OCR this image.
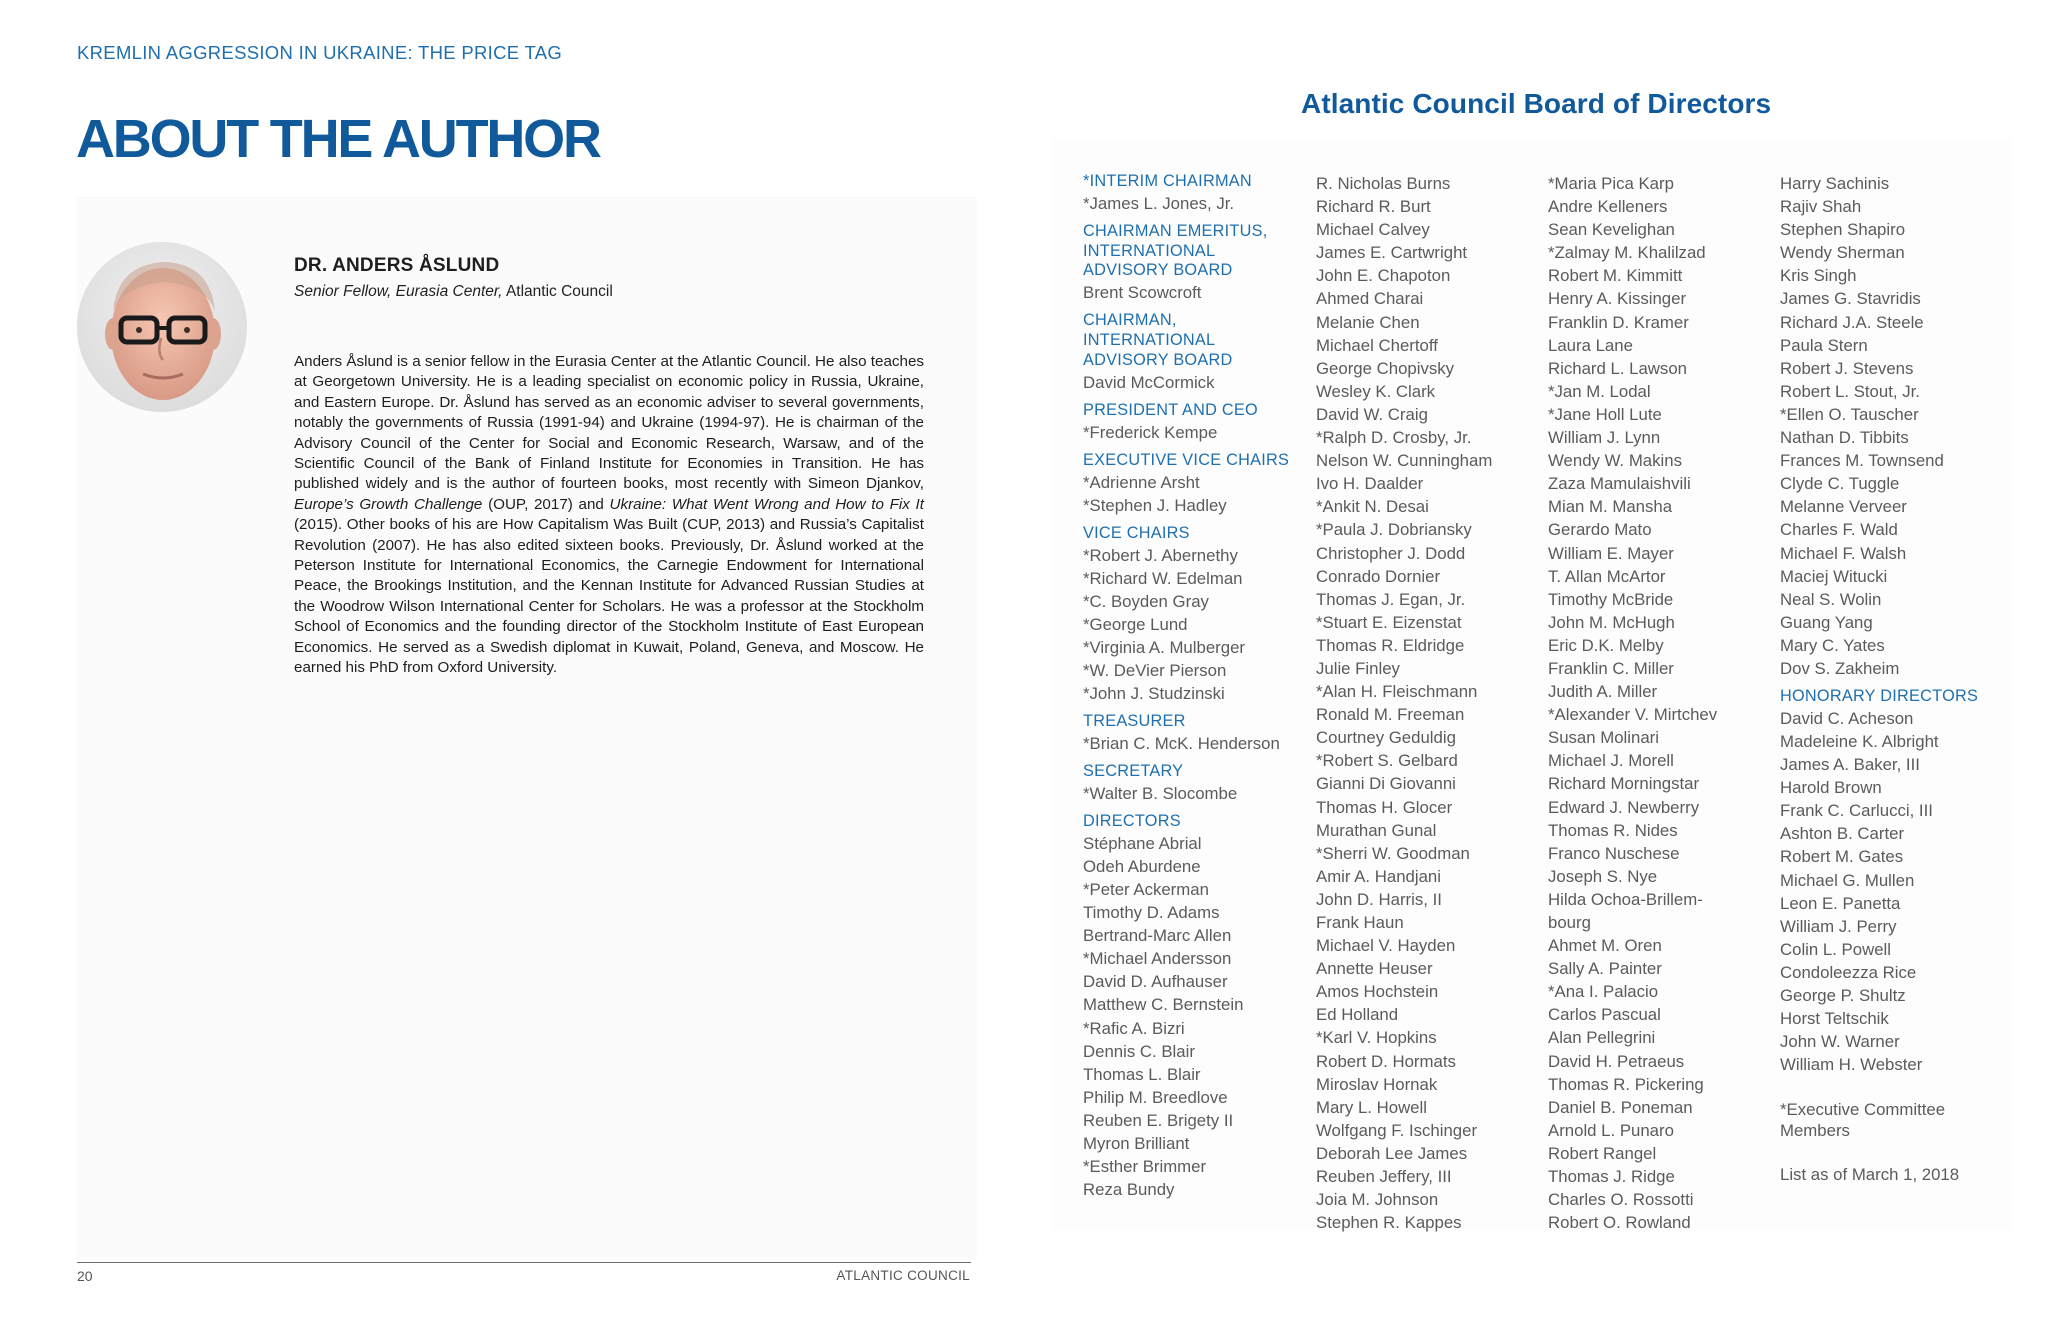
KREMLIN AGGRESSION IN UKRAINE: THE PRICE TAG
ABOUT THE AUTHOR
DR. ANDERS ÅSLUND
Senior Fellow, Eurasia Center, Atlantic Council
Anders Åslund is a senior fellow in the Eurasia Center at the Atlantic Council. He also teaches at Georgetown University. He is a leading specialist on economic policy in Russia, Ukraine, and Eastern Europe. Dr. Åslund has served as an economic adviser to several governments, notably the governments of Russia (1991-94) and Ukraine (1994-97). He is chairman of the Advisory Council of the Center for Social and Economic Research, Warsaw, and of the Scientific Council of the Bank of Finland Institute for Economies in Transition. He has published widely and is the author of fourteen books, most recently with Simeon Djankov, Europe’s Growth Challenge (OUP, 2017) and Ukraine: What Went Wrong and How to Fix It (2015). Other books of his are How Capitalism Was Built (CUP, 2013) and Russia’s Capitalist Revolution (2007). He has also edited sixteen books. Previously, Dr. Åslund worked at the Peterson Institute for International Economics, the Carnegie Endowment for International Peace, the Brookings Institution, and the Kennan Institute for Advanced Russian Studies at the Woodrow Wilson International Center for Scholars. He was a professor at the Stockholm School of Economics and the founding director of the Stockholm Institute of East European Economics. He served as a Swedish diplomat in Kuwait, Poland, Geneva, and Moscow. He earned his PhD from Oxford University.
20	ATLANTIC COUNCIL
Atlantic Council Board of Directors
*INTERIM CHAIRMAN
*James L. Jones, Jr.
CHAIRMAN EMERITUS,
INTERNATIONAL
ADVISORY BOARD
Brent Scowcroft
CHAIRMAN,
INTERNATIONAL
ADVISORY BOARD
David McCormick
PRESIDENT AND CEO
*Frederick Kempe
EXECUTIVE VICE CHAIRS
*Adrienne Arsht
*Stephen J. Hadley
VICE CHAIRS
*Robert J. Abernethy
*Richard W. Edelman
*C. Boyden Gray
*George Lund
*Virginia A. Mulberger
*W. DeVier Pierson
*John J. Studzinski
TREASURER
*Brian C. McK. Henderson
SECRETARY
*Walter B. Slocombe
DIRECTORS
Stéphane Abrial
Odeh Aburdene
*Peter Ackerman
Timothy D. Adams
Bertrand-Marc Allen
*Michael Andersson
David D. Aufhauser
Matthew C. Bernstein
*Rafic A. Bizri
Dennis C. Blair
Thomas L. Blair
Philip M. Breedlove
Reuben E. Brigety II
Myron Brilliant
*Esther Brimmer
Reza Bundy
R. Nicholas Burns
Richard R. Burt
Michael Calvey
James E. Cartwright
John E. Chapoton
Ahmed Charai
Melanie Chen
Michael Chertoff
George Chopivsky
Wesley K. Clark
David W. Craig
*Ralph D. Crosby, Jr.
Nelson W. Cunningham
Ivo H. Daalder
*Ankit N. Desai
*Paula J. Dobriansky
Christopher J. Dodd
Conrado Dornier
Thomas J. Egan, Jr.
*Stuart E. Eizenstat
Thomas R. Eldridge
Julie Finley
*Alan H. Fleischmann
Ronald M. Freeman
Courtney Geduldig
*Robert S. Gelbard
Gianni Di Giovanni
Thomas H. Glocer
Murathan Gunal
*Sherri W. Goodman
Amir A. Handjani
John D. Harris, II
Frank Haun
Michael V. Hayden
Annette Heuser
Amos Hochstein
Ed Holland
*Karl V. Hopkins
Robert D. Hormats
Miroslav Hornak
Mary L. Howell
Wolfgang F. Ischinger
Deborah Lee James
Reuben Jeffery, III
Joia M. Johnson
Stephen R. Kappes
*Maria Pica Karp
Andre Kelleners
Sean Kevelighan
*Zalmay M. Khalilzad
Robert M. Kimmitt
Henry A. Kissinger
Franklin D. Kramer
Laura Lane
Richard L. Lawson
*Jan M. Lodal
*Jane Holl Lute
William J. Lynn
Wendy W. Makins
Zaza Mamulaishvili
Mian M. Mansha
Gerardo Mato
William E. Mayer
T. Allan McArtor
Timothy McBride
John M. McHugh
Eric D.K. Melby
Franklin C. Miller
Judith A. Miller
*Alexander V. Mirtchev
Susan Molinari
Michael J. Morell
Richard Morningstar
Edward J. Newberry
Thomas R. Nides
Franco Nuschese
Joseph S. Nye
Hilda Ochoa-Brillem-
bourg
Ahmet M. Oren
Sally A. Painter
*Ana I. Palacio
Carlos Pascual
Alan Pellegrini
David H. Petraeus
Thomas R. Pickering
Daniel B. Poneman
Arnold L. Punaro
Robert Rangel
Thomas J. Ridge
Charles O. Rossotti
Robert O. Rowland
Harry Sachinis
Rajiv Shah
Stephen Shapiro
Wendy Sherman
Kris Singh
James G. Stavridis
Richard J.A. Steele
Paula Stern
Robert J. Stevens
Robert L. Stout, Jr.
*Ellen O. Tauscher
Nathan D. Tibbits
Frances M. Townsend
Clyde C. Tuggle
Melanne Verveer
Charles F. Wald
Michael F. Walsh
Maciej Witucki
Neal S. Wolin
Guang Yang
Mary C. Yates
Dov S. Zakheim
HONORARY DIRECTORS
David C. Acheson
Madeleine K. Albright
James A. Baker, III
Harold Brown
Frank C. Carlucci, III
Ashton B. Carter
Robert M. Gates
Michael G. Mullen
Leon E. Panetta
William J. Perry
Colin L. Powell
Condoleezza Rice
George P. Shultz
Horst Teltschik
John W. Warner
William H. Webster
*Executive Committee
Members
List as of March 1, 2018
